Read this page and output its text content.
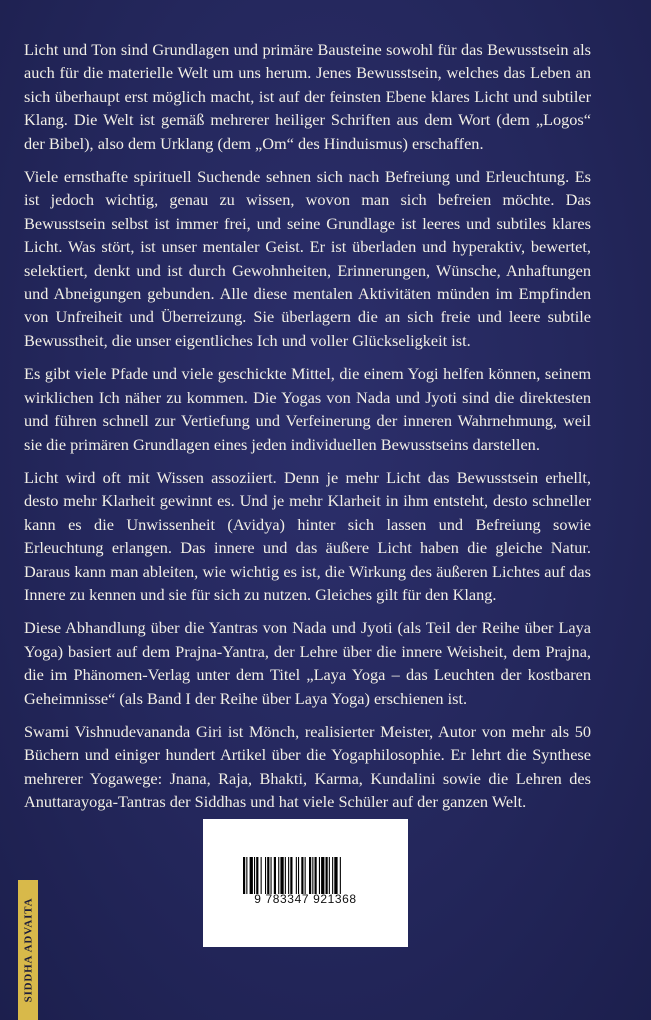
Licht und Ton sind Grundlagen und primäre Bausteine sowohl für das Bewusstsein als auch für die materielle Welt um uns herum. Jenes Bewusstsein, welches das Leben an sich überhaupt erst möglich macht, ist auf der feinsten Ebene klares Licht und subtiler Klang. Die Welt ist gemäß mehrerer heiliger Schriften aus dem Wort (dem „Logos“ der Bibel), also dem Urklang (dem „Om“ des Hinduismus) erschaffen.

Viele ernsthafte spirituell Suchende sehnen sich nach Befreiung und Erleuchtung. Es ist jedoch wichtig, genau zu wissen, wovon man sich befreien möchte. Das Bewusstsein selbst ist immer frei, und seine Grundlage ist leeres und subtiles klares Licht. Was stört, ist unser mentaler Geist. Er ist überladen und hyperaktiv, bewertet, selektiert, denkt und ist durch Gewohnheiten, Erinnerungen, Wünsche, Anhaftungen und Abneigungen gebunden. Alle diese mentalen Aktivitäten münden im Empfinden von Unfreiheit und Überreizung. Sie überlagern die an sich freie und leere subtile Bewusstheit, die unser eigentliches Ich und voller Glückseligkeit ist.

Es gibt viele Pfade und viele geschickte Mittel, die einem Yogi helfen können, seinem wirklichen Ich näher zu kommen. Die Yogas von Nada und Jyoti sind die direktesten und führen schnell zur Vertiefung und Verfeinerung der inneren Wahrnehmung, weil sie die primären Grundlagen eines jeden individuellen Bewusstseins darstellen.

Licht wird oft mit Wissen assoziiert. Denn je mehr Licht das Bewusstsein erhellt, desto mehr Klarheit gewinnt es. Und je mehr Klarheit in ihm entsteht, desto schneller kann es die Unwissenheit (Avidya) hinter sich lassen und Befreiung sowie Erleuchtung erlangen. Das innere und das äußere Licht haben die gleiche Natur. Daraus kann man ableiten, wie wichtig es ist, die Wirkung des äußeren Lichtes auf das Innere zu kennen und sie für sich zu nutzen. Gleiches gilt für den Klang.

Diese Abhandlung über die Yantras von Nada und Jyoti (als Teil der Reihe über Laya Yoga) basiert auf dem Prajna-Yantra, der Lehre über die innere Weisheit, dem Prajna, die im Phänomen-Verlag unter dem Titel „Laya Yoga – das Leuchten der kostbaren Geheimnisse“ (als Band I der Reihe über Laya Yoga) erschienen ist.

Swami Vishnudevananda Giri ist Mönch, realisierter Meister, Autor von mehr als 50 Büchern und einiger hundert Artikel über die Yogaphilosophie. Er lehrt die Synthese mehrerer Yogawege: Jnana, Raja, Bhakti, Karma, Kundalini sowie die Lehren des Anuttarayoga-Tantras der Siddhas und hat viele Schüler auf der ganzen Welt.

9 783347 921368

SIDDHA ADVAITA
